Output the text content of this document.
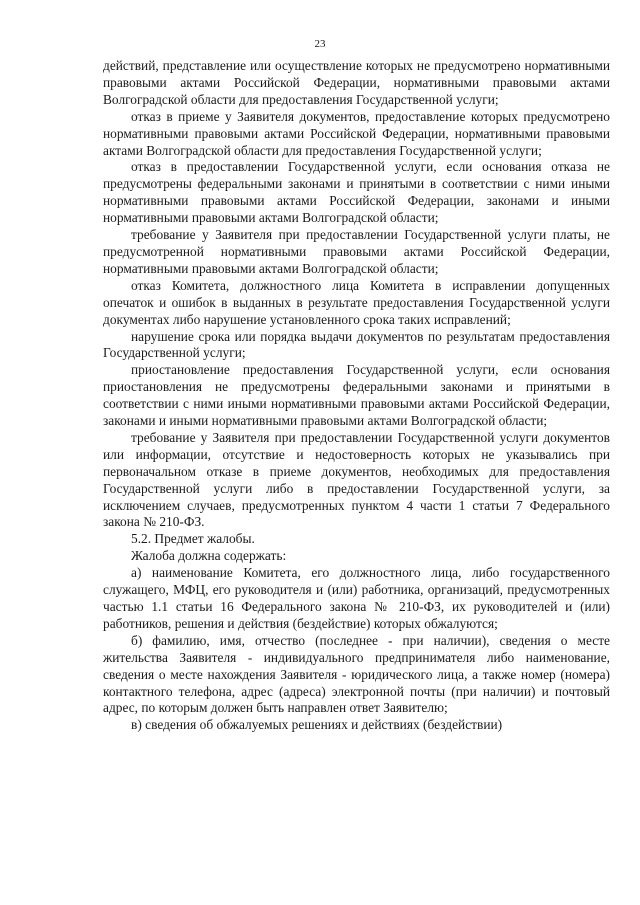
23

действий, представление или осуществление которых не предусмотрено нормативными правовыми актами Российской Федерации, нормативными правовыми актами Волгоградской области для предоставления Государственной услуги;

отказ в приеме у Заявителя документов, предоставление которых предусмотрено нормативными правовыми актами Российской Федерации, нормативными правовыми актами Волгоградской области для предоставления Государственной услуги;

отказ в предоставлении Государственной услуги, если основания отказа не предусмотрены федеральными законами и принятыми в соответствии с ними иными нормативными правовыми актами Российской Федерации, законами и иными нормативными правовыми актами Волгоградской области;

требование у Заявителя при предоставлении Государственной услуги платы, не предусмотренной нормативными правовыми актами Российской Федерации, нормативными правовыми актами Волгоградской области;

отказ Комитета, должностного лица Комитета в исправлении допущенных опечаток и ошибок в выданных в результате предоставления Государственной услуги документах либо нарушение установленного срока таких исправлений;

нарушение срока или порядка выдачи документов по результатам предоставления Государственной услуги;

приостановление предоставления Государственной услуги, если основания приостановления не предусмотрены федеральными законами и принятыми в соответствии с ними иными нормативными правовыми актами Российской Федерации, законами и иными нормативными правовыми актами Волгоградской области;

требование у Заявителя при предоставлении Государственной услуги документов или информации, отсутствие и недостоверность которых не указывались при первоначальном отказе в приеме документов, необходимых для предоставления Государственной услуги либо в предоставлении Государственной услуги, за исключением случаев, предусмотренных пунктом 4 части 1 статьи 7 Федерального закона № 210-ФЗ.

5.2. Предмет жалобы.

Жалоба должна содержать:

а) наименование Комитета, его должностного лица, либо государственного служащего, МФЦ, его руководителя и (или) работника, организаций, предусмотренных частью 1.1 статьи 16 Федерального закона № 210-ФЗ, их руководителей и (или) работников, решения и действия (бездействие) которых обжалуются;

б) фамилию, имя, отчество (последнее - при наличии), сведения о месте жительства Заявителя - индивидуального предпринимателя либо наименование, сведения о месте нахождения Заявителя - юридического лица, а также номер (номера) контактного телефона, адрес (адреса) электронной почты (при наличии) и почтовый адрес, по которым должен быть направлен ответ Заявителю;

в) сведения об обжалуемых решениях и действиях (бездействии)
